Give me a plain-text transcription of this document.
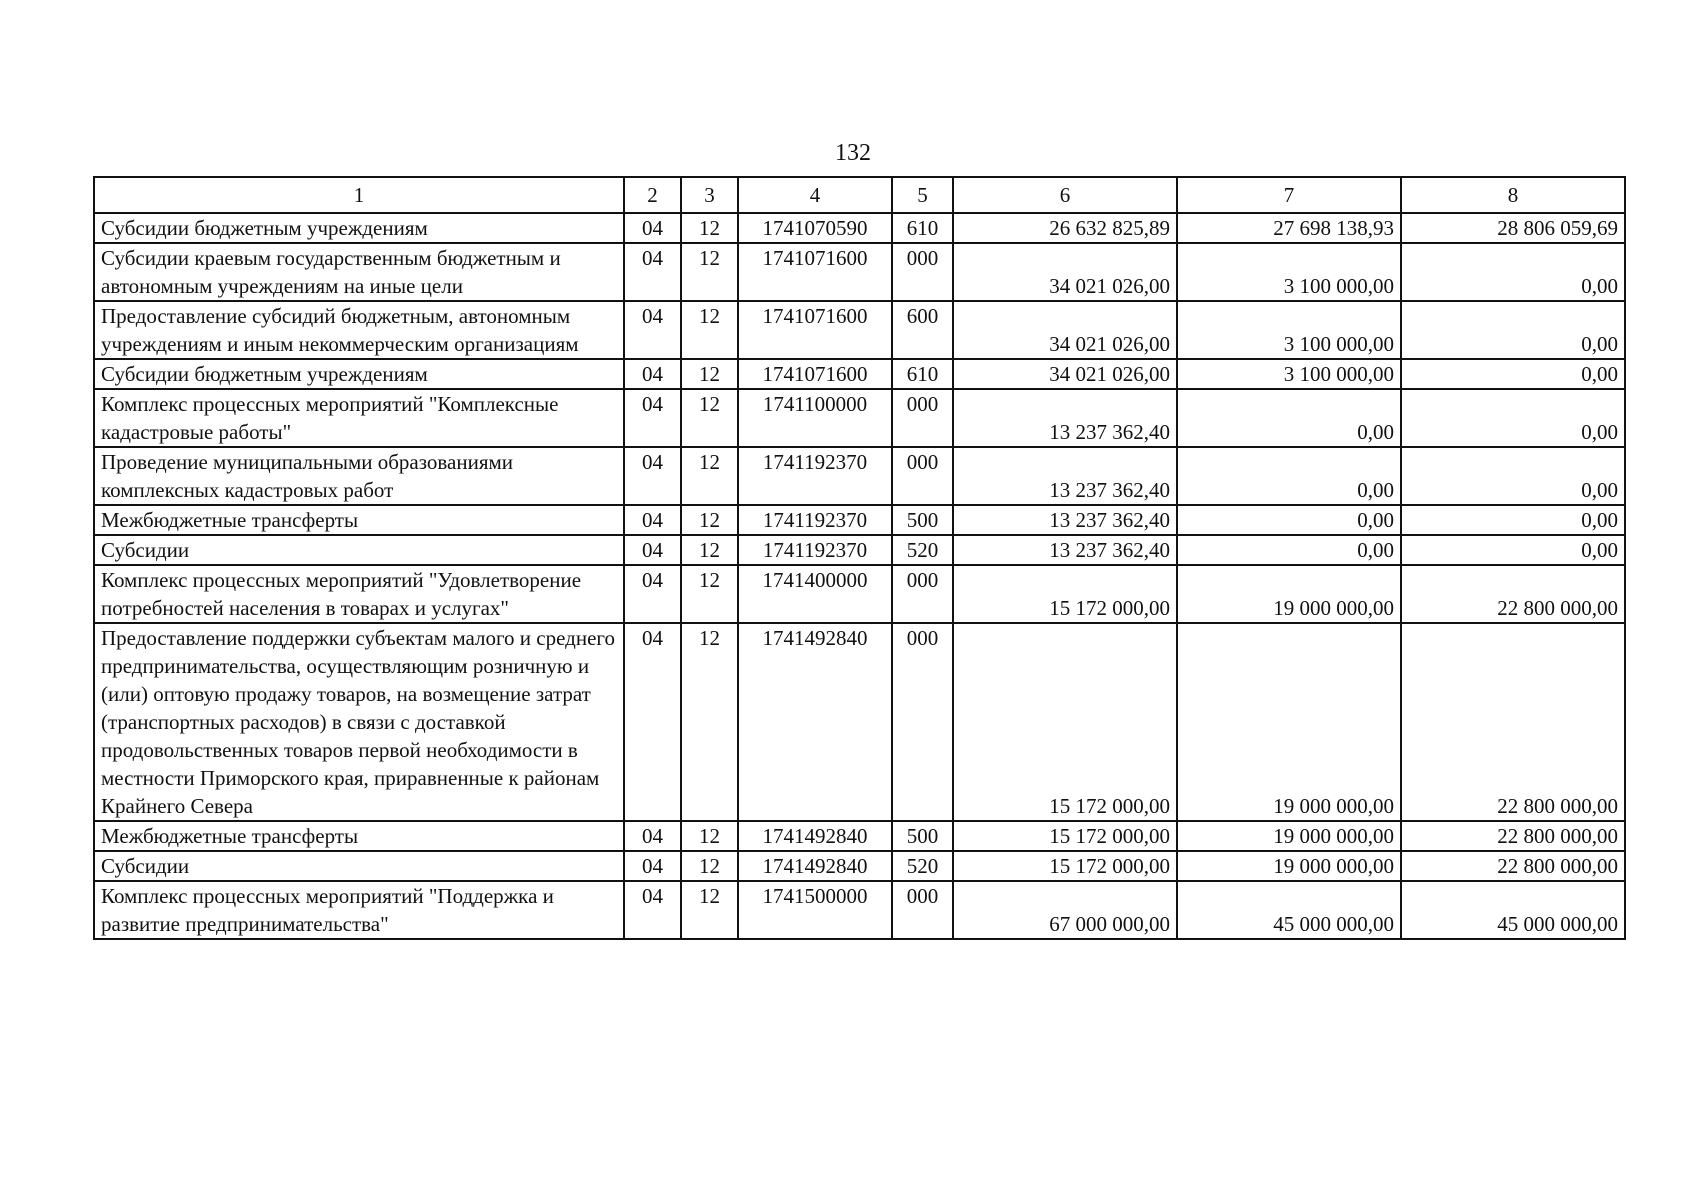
132
1	2	3	4	5	6	7	8
Субсидии бюджетным учреждениям	04	12	1741070590	610	26 632 825,89	27 698 138,93	28 806 059,69
Субсидии краевым государственным бюджетным и автономным учреждениям на иные цели	04	12	1741071600	000	34 021 026,00	3 100 000,00	0,00
Предоставление субсидий бюджетным, автономным учреждениям и иным некоммерческим организациям	04	12	1741071600	600	34 021 026,00	3 100 000,00	0,00
Субсидии бюджетным учреждениям	04	12	1741071600	610	34 021 026,00	3 100 000,00	0,00
Комплекс процессных мероприятий "Комплексные кадастровые работы"	04	12	1741100000	000	13 237 362,40	0,00	0,00
Проведение муниципальными образованиями комплексных кадастровых работ	04	12	1741192370	000	13 237 362,40	0,00	0,00
Межбюджетные трансферты	04	12	1741192370	500	13 237 362,40	0,00	0,00
Субсидии	04	12	1741192370	520	13 237 362,40	0,00	0,00
Комплекс процессных мероприятий "Удовлетворение потребностей населения в товарах и услугах"	04	12	1741400000	000	15 172 000,00	19 000 000,00	22 800 000,00
Предоставление поддержки субъектам малого и среднего предпринимательства, осуществляющим розничную и (или) оптовую продажу товаров, на возмещение затрат (транспортных расходов) в связи с доставкой продовольственных товаров первой необходимости в местности Приморского края, приравненные к районам Крайнего Севера	04	12	1741492840	000	15 172 000,00	19 000 000,00	22 800 000,00
Межбюджетные трансферты	04	12	1741492840	500	15 172 000,00	19 000 000,00	22 800 000,00
Субсидии	04	12	1741492840	520	15 172 000,00	19 000 000,00	22 800 000,00
Комплекс процессных мероприятий "Поддержка и развитие предпринимательства"	04	12	1741500000	000	67 000 000,00	45 000 000,00	45 000 000,00
